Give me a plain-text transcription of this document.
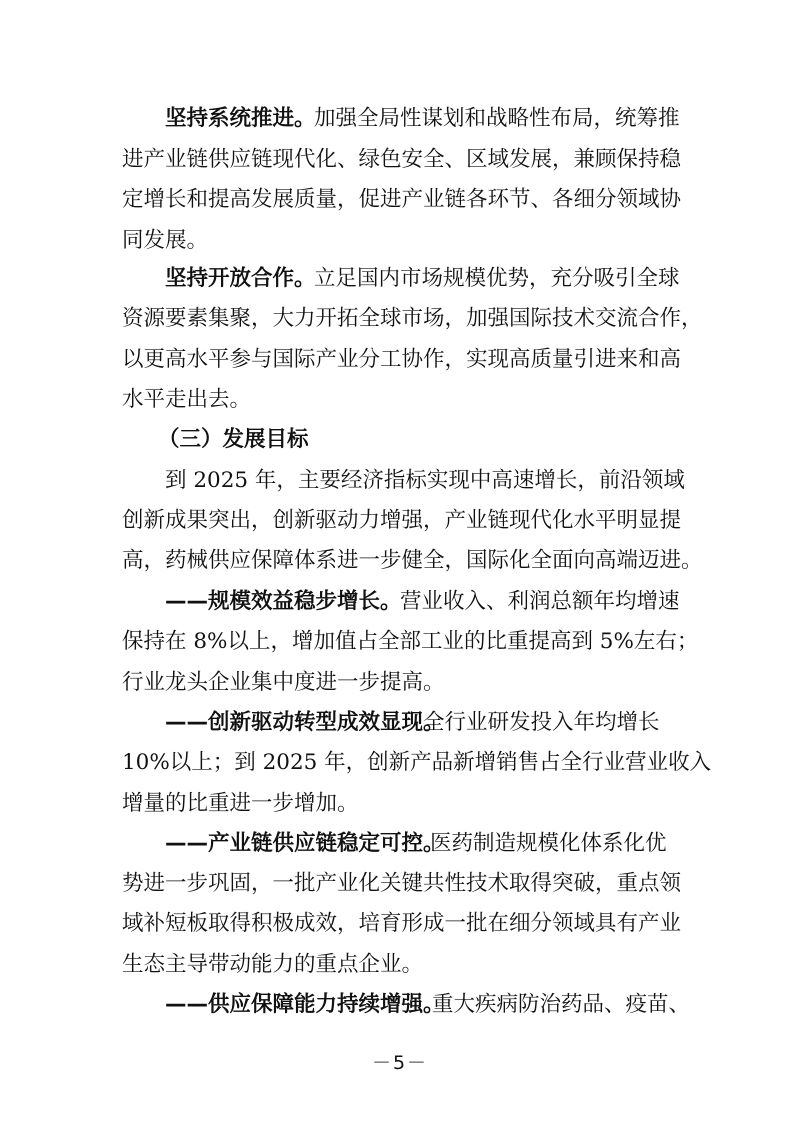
坚持系统推进。
加强全局性谋划和战略性布局，统筹推
进产业链供应链现代化、绿色安全、区域发展，兼顾保持稳
定增长和提高发展质量，促进产业链各环节、各细分领域协
同发展。
坚持开放合作。
立足国内市场规模优势，充分吸引全球
资源要素集聚，大力开拓全球市场，加强国际技术交流合作，
以更高水平参与国际产业分工协作，实现高质量引进来和高
水平走出去。
（三）发展目标
到 2025 年，主要经济指标实现中高速增长，前沿领域
创新成果突出，创新驱动力增强，产业链现代化水平明显提
高，药械供应保障体系进一步健全，国际化全面向高端迈进。
——规模效益稳步增长。
营业收入、利润总额年均增速
保持在 8%以上，增加值占全部工业的比重提高到 5%左右；
行业龙头企业集中度进一步提高。
——创新驱动转型成效显现。
全行业研发投入年均增长
10%以上；到 2025 年，创新产品新增销售占全行业营业收入
增量的比重进一步增加。
——产业链供应链稳定可控。
医药制造规模化体系化优
势进一步巩固，一批产业化关键共性技术取得突破，重点领
域补短板取得积极成效，培育形成一批在细分领域具有产业
生态主导带动能力的重点企业。
——供应保障能力持续增强。
重大疾病防治药品、疫苗、
－5－
